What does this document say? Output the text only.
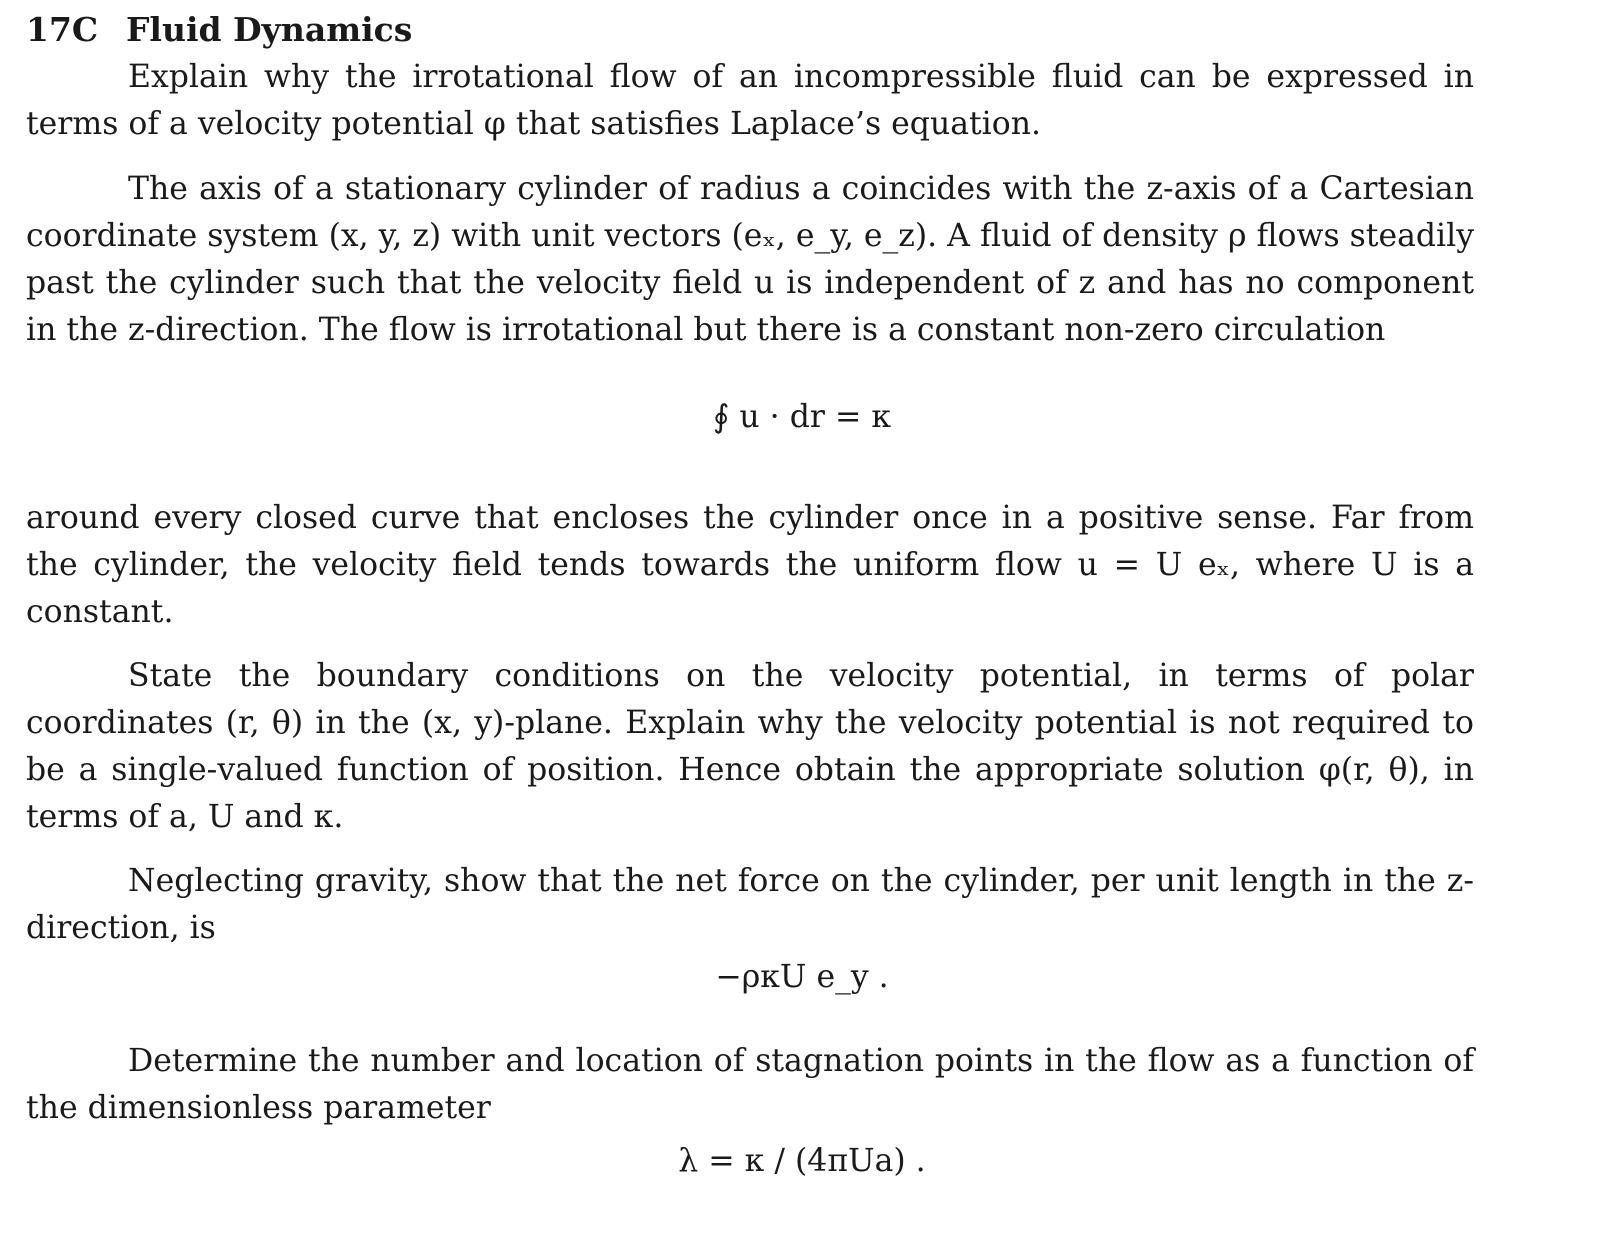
17C Fluid Dynamics

Explain why the irrotational flow of an incompressible fluid can be expressed in terms of a velocity potential φ that satisfies Laplace’s equation.

The axis of a stationary cylinder of radius a coincides with the z-axis of a Cartesian coordinate system (x, y, z) with unit vectors (eₓ, e_y, e_z). A fluid of density ρ flows steadily past the cylinder such that the velocity field u is independent of z and has no component in the z-direction. The flow is irrotational but there is a constant non-zero circulation

∮ u · dr = κ

around every closed curve that encloses the cylinder once in a positive sense. Far from the cylinder, the velocity field tends towards the uniform flow u = U eₓ, where U is a constant.

State the boundary conditions on the velocity potential, in terms of polar coordinates (r, θ) in the (x, y)-plane. Explain why the velocity potential is not required to be a single-valued function of position. Hence obtain the appropriate solution φ(r, θ), in terms of a, U and κ.

Neglecting gravity, show that the net force on the cylinder, per unit length in the z-direction, is

−ρκU e_y .

Determine the number and location of stagnation points in the flow as a function of the dimensionless parameter

λ = κ / (4πUa) .
